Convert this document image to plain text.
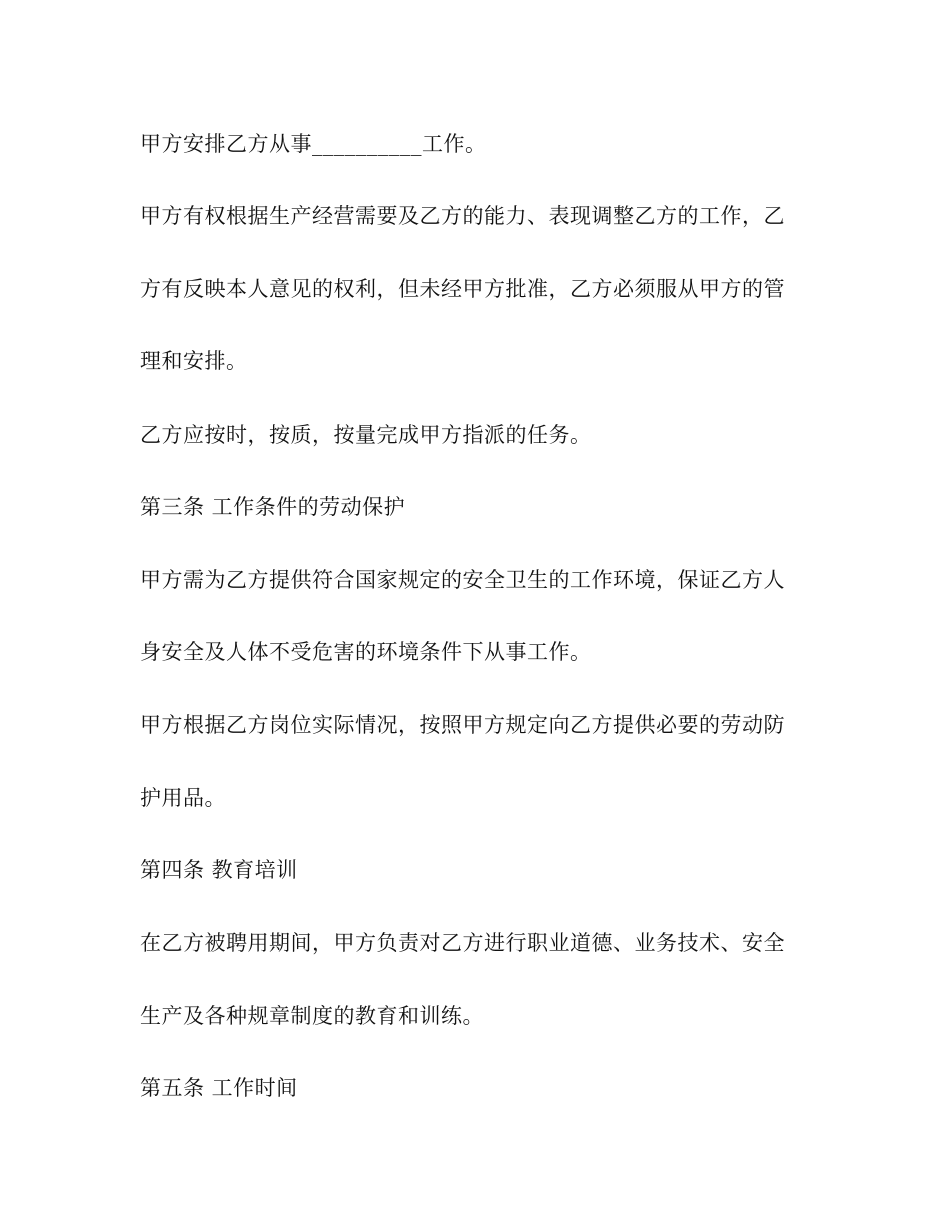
甲方安排乙方从事__________工作。
甲方有权根据生产经营需要及乙方的能力、表现调整乙方的工作，乙
方有反映本人意见的权利，但未经甲方批准，乙方必须服从甲方的管
理和安排。
乙方应按时，按质，按量完成甲方指派的任务。
第三条 工作条件的劳动保护
甲方需为乙方提供符合国家规定的安全卫生的工作环境，保证乙方人
身安全及人体不受危害的环境条件下从事工作。
甲方根据乙方岗位实际情况，按照甲方规定向乙方提供必要的劳动防
护用品。
第四条 教育培训
在乙方被聘用期间，甲方负责对乙方进行职业道德、业务技术、安全
生产及各种规章制度的教育和训练。
第五条 工作时间
